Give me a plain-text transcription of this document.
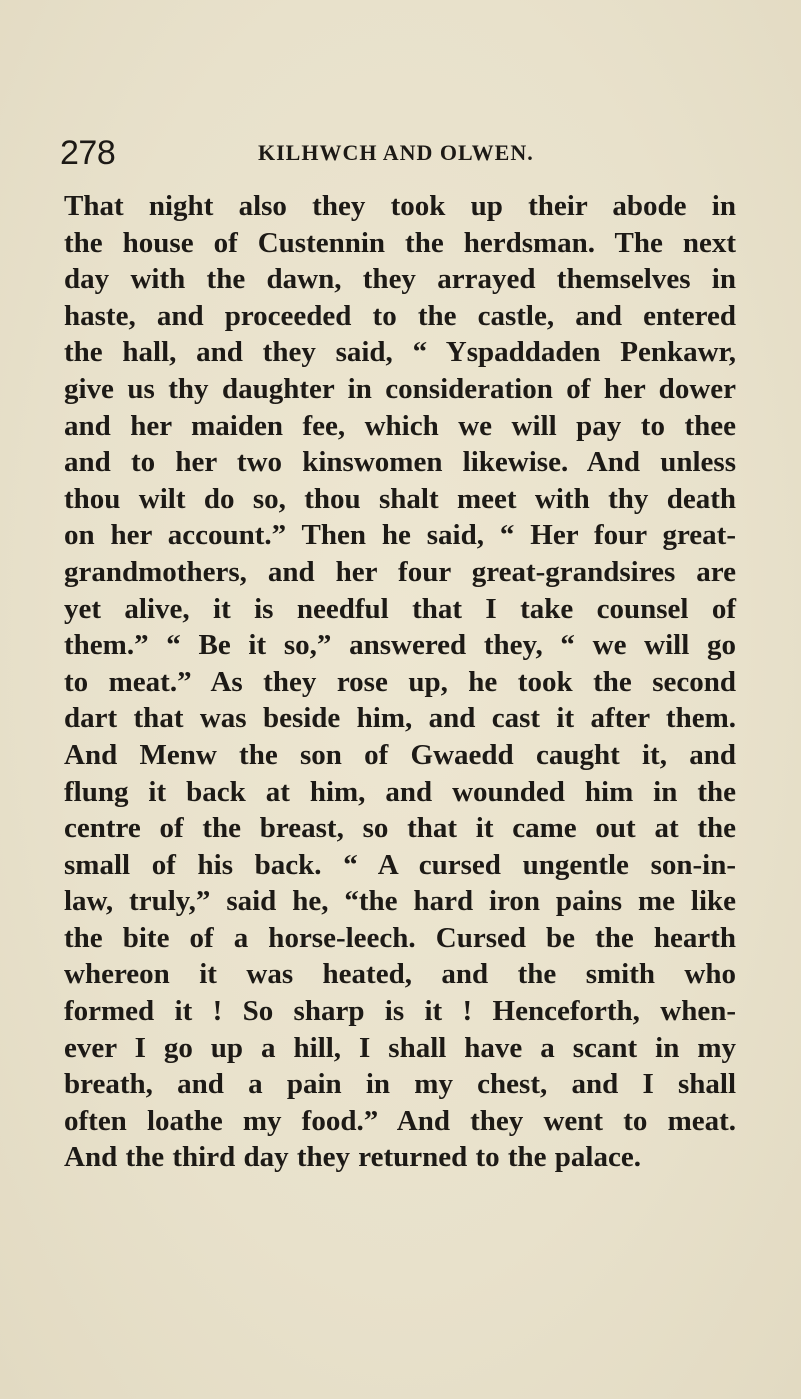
278	KILHWCH AND OLWEN.
That night also they took up their abode in
the house of Custennin the herdsman. The next
day with the dawn, they arrayed themselves in
haste, and proceeded to the castle, and entered
the hall, and they said, “ Yspaddaden Penkawr,
give us thy daughter in consideration of her dower
and her maiden fee, which we will pay to thee
and to her two kinswomen likewise. And unless
thou wilt do so, thou shalt meet with thy death
on her account.” Then he said, “ Her four great-
grandmothers, and her four great-grandsires are
yet alive, it is needful that I take counsel of
them.” “ Be it so,” answered they, “ we will go
to meat.” As they rose up, he took the second
dart that was beside him, and cast it after them.
And Menw the son of Gwaedd caught it, and
flung it back at him, and wounded him in the
centre of the breast, so that it came out at the
small of his back. “ A cursed ungentle son-in-
law, truly,” said he, “the hard iron pains me like
the bite of a horse-leech. Cursed be the hearth
whereon it was heated, and the smith who
formed it ! So sharp is it ! Henceforth, when-
ever I go up a hill, I shall have a scant in my
breath, and a pain in my chest, and I shall
often loathe my food.” And they went to meat.
And the third day they returned to the palace.
